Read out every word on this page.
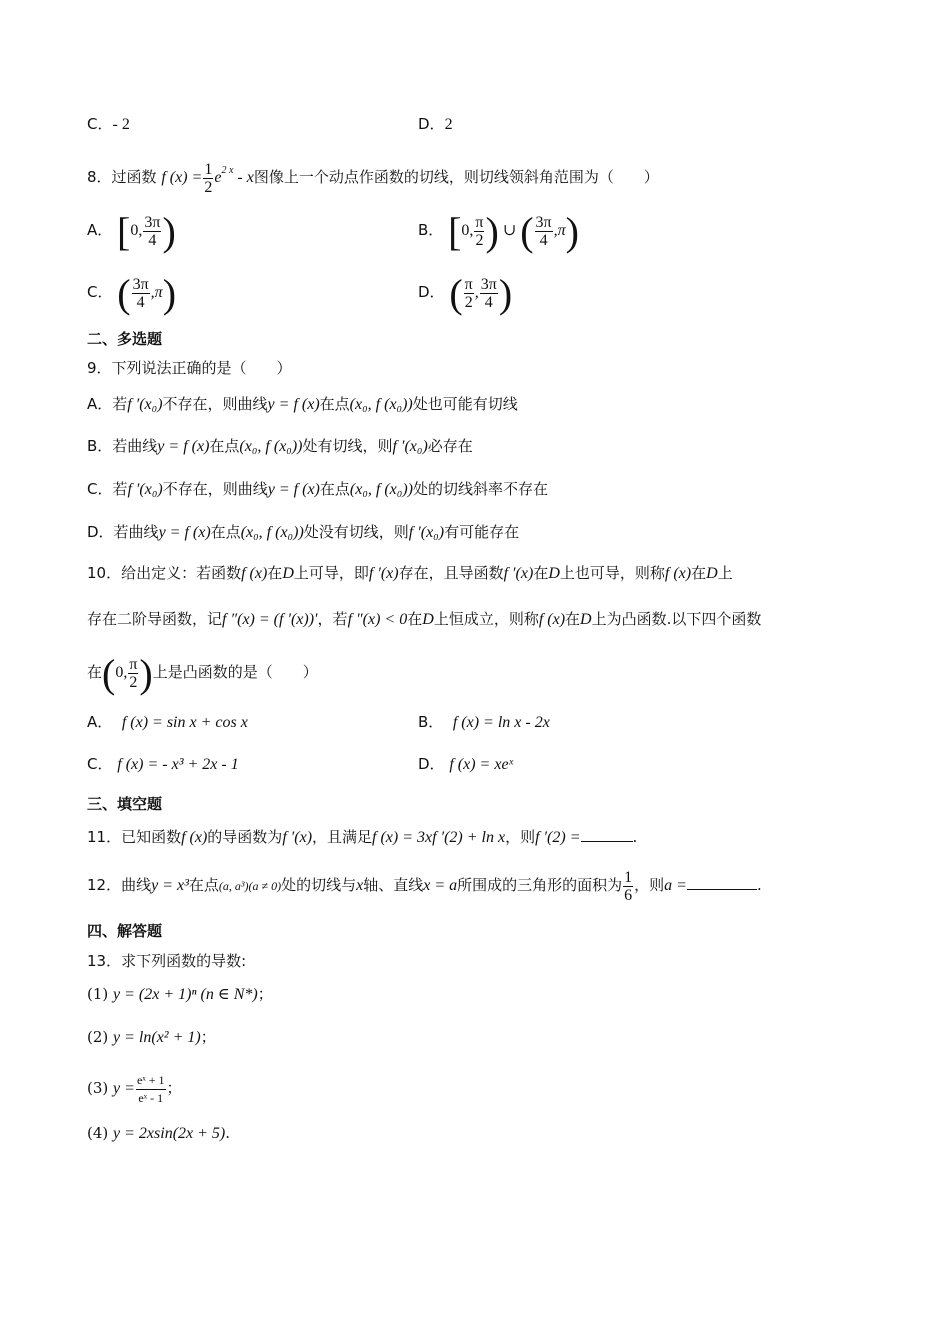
C．- 2	D．2
8．过函数 f $(x) = \frac{1}{2} e^{2 x} - x$图像上一个动点作函数的切线，则切线领斜角范围为（　　）
A． [0, $\frac{3\pi}{4}$ )	B． [0, $\frac{\pi}{2}$ ) ∪ ( $\frac{3\pi}{4} ,\pi$)
C． ( $\frac{3\pi}{4} ,\pi$)	D． ( $\frac{\pi}{2}$ , $\frac{3\pi}{4}$ )
二、多选题
9．下列说法正确的是（　　）
A．若f ′(x₀)不存在，则曲线y = f (x)在点(x₀, f (x₀))处也可能有切线
B．若曲线y = f (x)在点(x₀, f (x₀))处有切线，则f ′(x₀)必存在
C．若f ′(x₀)不存在，则曲线y = f (x)在点(x₀, f (x₀))处的切线斜率不存在
D．若曲线y = f (x)在点(x₀, f (x₀))处没有切线，则f ′(x₀)有可能存在
10．给出定义：若函数f (x)在D上可导，即f ′(x)存在，且导函数f ′(x)在D上也可导，则称f (x)在D上
存在二阶导函数，记f ″(x) = (f ′(x))′，若f ″(x) < 0在D上恒成立，则称f (x)在D上为凸函数.以下四个函数
在(0, $\frac{\pi}{2}$ )上是凸函数的是（　　）
A． f (x) = sin x + cos x	B． f (x) = ln x - 2x
C． f (x) = - x³ + 2x - 1	D． f (x) = xeˣ
三、填空题
11．已知函数f (x)的导函数为f ′(x)，且满足f (x) = 3xf ′(2) + ln x，则f ′(2) =	.
12．曲线y = x³在点(a, a³)(a ≠ 0)处的切线与x轴、直线x = a所围成的三角形的面积为 $\frac{1}{6}$ ，则a =	.
四、解答题
13．求下列函数的导数:
(1) y = (2x + 1)ⁿ (n ∈ N*)；
(2) y = ln(x² + 1)；
(3) $y = \frac{\text{eˣ + 1}}{\text{eˣ - 1}}$ ；
(4) y = 2xsin(2x + 5).
